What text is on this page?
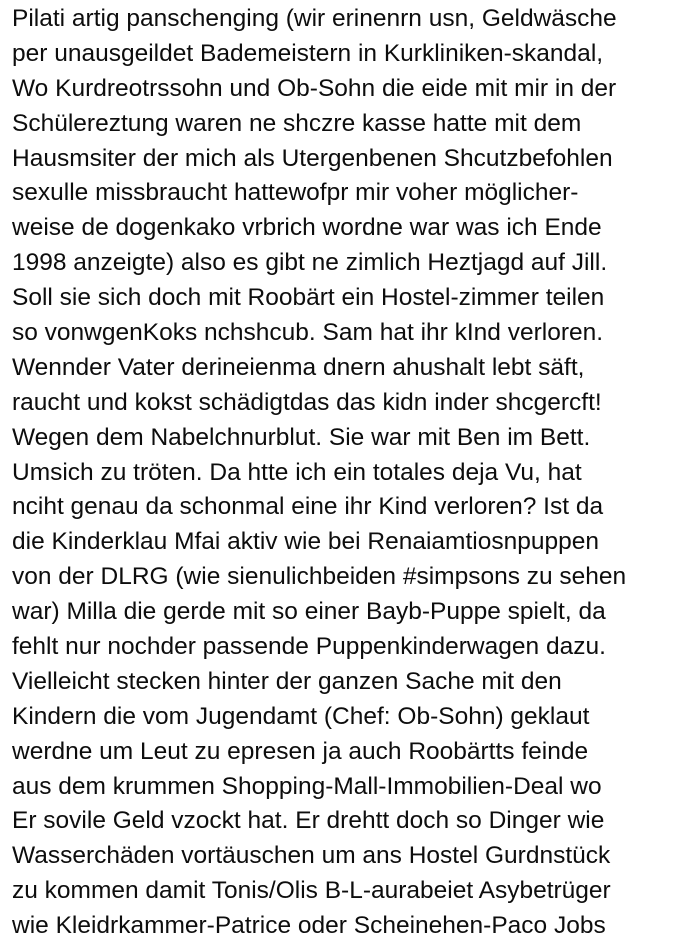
Pilati artig panschenging (wir erinenrn usn, Geldwäsche
per unausgeildet Bademeistern in Kurkliniken-skandal,
Wo Kurdreotrssohn und Ob-Sohn die eide mit mir in der
Schülereztung waren ne shczre kasse hatte mit dem
Hausmsiter der mich als Utergenbenen Shcutzbefohlen
sexulle missbraucht hattewofpr mir voher möglicher-
weise de dogenkako vrbrich wordne war was ich Ende
1998 anzeigte) also es gibt ne zimlich Heztjagd auf Jill.
Soll sie sich doch mit Roobärt ein Hostel-zimmer teilen
so vonwgenKoks nchshcub. Sam hat ihr kInd verloren.
Wennder Vater derineienma dnern ahushalt lebt säft,
raucht und kokst schädigtdas das kidn inder shcgercft!
Wegen dem Nabelchnurblut. Sie war mit Ben im Bett.
Umsich zu tröten. Da htte ich ein totales deja Vu, hat
nciht genau da schonmal eine ihr Kind verloren? Ist da
die Kinderklau Mfai aktiv wie bei Renaiamtiosnpuppen
von der DLRG (wie sienulichbeiden #simpsons zu sehen
war) Milla die gerde mit so einer Bayb-Puppe spielt, da
fehlt nur nochder passende Puppenkinderwagen dazu.
Vielleicht stecken hinter der ganzen Sache mit den
Kindern die vom Jugendamt (Chef: Ob-Sohn) geklaut
werdne um Leut zu epresen ja auch Roobärtts feinde
aus dem krummen Shopping-Mall-Immobilien-Deal wo
Er sovile Geld vzockt hat. Er drehtt doch so Dinger wie
Wasserchäden vortäuschen um ans Hostel Gurdnstück
zu kommen damit Tonis/Olis B-L-aurabeiet Asybetrüger
wie Kleidrkammer-Patrice oder Scheinehen-Paco Jobs
